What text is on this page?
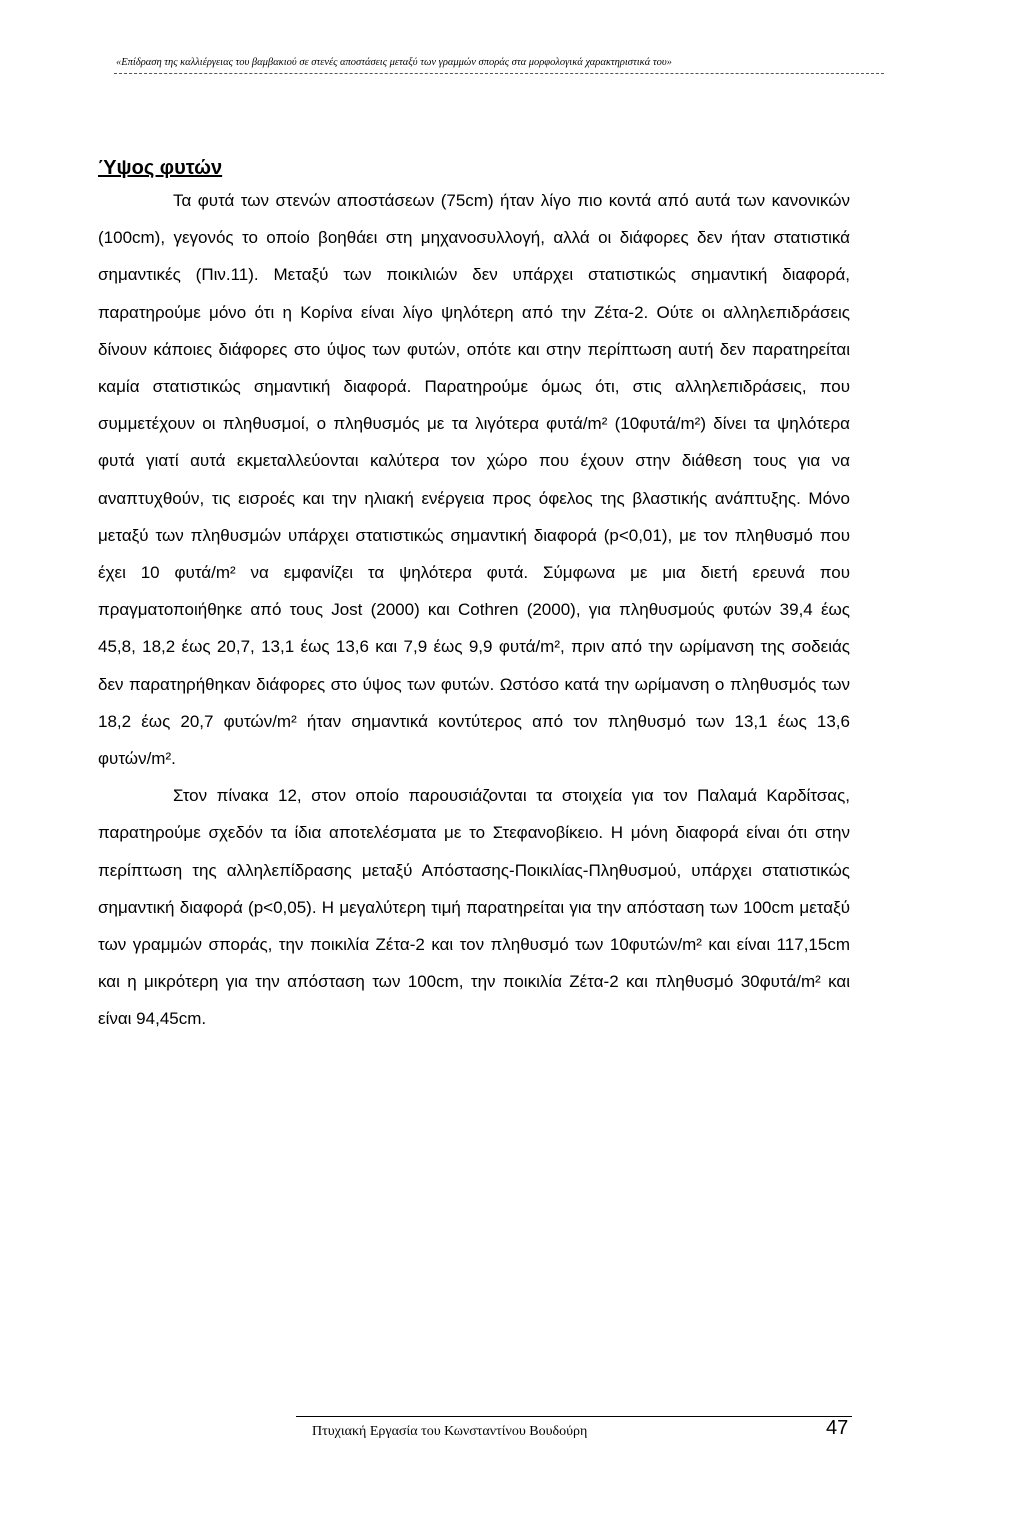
«Επίδραση της καλλιέργειας του βαμβακιού σε στενές αποστάσεις μεταξύ των γραμμών σποράς στα μορφολογικά χαρακτηριστικά του»
Ύψος φυτών

Τα φυτά των στενών αποστάσεων (75cm) ήταν λίγο πιο κοντά από αυτά των κανονικών (100cm), γεγονός το οποίο βοηθάει στη μηχανοσυλλογή, αλλά οι διάφορες δεν ήταν στατιστικά σημαντικές (Πιν.11). Μεταξύ των ποικιλιών δεν υπάρχει στατιστικώς σημαντική διαφορά, παρατηρούμε μόνο ότι η Κορίνα είναι λίγο ψηλότερη από την Ζέτα-2. Ούτε οι αλληλεπιδράσεις δίνουν κάποιες διάφορες στο ύψος των φυτών, οπότε και στην περίπτωση αυτή δεν παρατηρείται καμία στατιστικώς σημαντική διαφορά. Παρατηρούμε όμως ότι, στις αλληλεπιδράσεις, που συμμετέχουν οι πληθυσμοί, ο πληθυσμός με τα λιγότερα φυτά/m² (10φυτά/m²) δίνει τα ψηλότερα φυτά γιατί αυτά εκμεταλλεύονται καλύτερα τον χώρο που έχουν στην διάθεση τους για να αναπτυχθούν, τις εισροές και την ηλιακή ενέργεια προς όφελος της βλαστικής ανάπτυξης. Μόνο μεταξύ των πληθυσμών υπάρχει στατιστικώς σημαντική διαφορά (p<0,01), με τον πληθυσμό που έχει 10 φυτά/m² να εμφανίζει τα ψηλότερα φυτά. Σύμφωνα με μια διετή ερευνά που πραγματοποιήθηκε από τους Jost (2000) και Cothren (2000), για πληθυσμούς φυτών 39,4 έως 45,8, 18,2 έως 20,7, 13,1 έως 13,6 και 7,9 έως 9,9 φυτά/m², πριν από την ωρίμανση της σοδειάς δεν παρατηρήθηκαν διάφορες στο ύψος των φυτών. Ωστόσο κατά την ωρίμανση ο πληθυσμός των 18,2 έως 20,7 φυτών/m² ήταν σημαντικά κοντύτερος από τον πληθυσμό των 13,1 έως 13,6 φυτών/m².

Στον πίνακα 12, στον οποίο παρουσιάζονται τα στοιχεία για τον Παλαμά Καρδίτσας, παρατηρούμε σχεδόν τα ίδια αποτελέσματα με το Στεφανοβίκειο. Η μόνη διαφορά είναι ότι στην περίπτωση της αλληλεπίδρασης μεταξύ Απόστασης-Ποικιλίας-Πληθυσμού, υπάρχει στατιστικώς σημαντική διαφορά (p<0,05). Η μεγαλύτερη τιμή παρατηρείται για την απόσταση των 100cm μεταξύ των γραμμών σποράς, την ποικιλία Ζέτα-2 και τον πληθυσμό των 10φυτών/m² και είναι 117,15cm και η μικρότερη για την απόσταση των 100cm, την ποικιλία Ζέτα-2 και πληθυσμό 30φυτά/m² και είναι 94,45cm.

Πτυχιακή Εργασία του Κωνσταντίνου Βουδούρη	47
